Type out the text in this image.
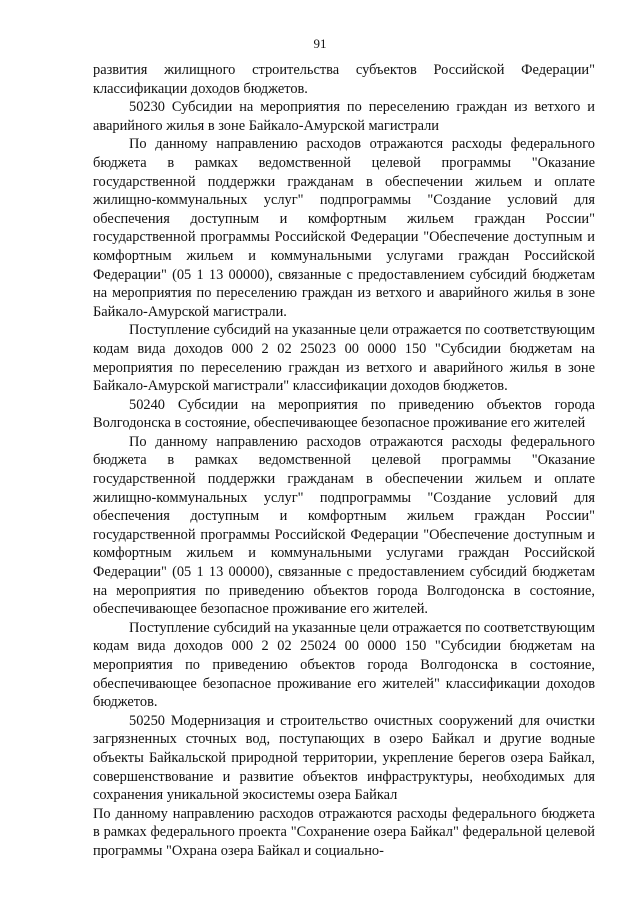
91

развития жилищного строительства субъектов Российской Федерации" классификации доходов бюджетов.

50230 Субсидии на мероприятия по переселению граждан из ветхого и аварийного жилья в зоне Байкало-Амурской магистрали

По данному направлению расходов отражаются расходы федерального бюджета в рамках ведомственной целевой программы "Оказание государственной поддержки гражданам в обеспечении жильем и оплате жилищно-коммунальных услуг" подпрограммы "Создание условий для обеспечения доступным и комфортным жильем граждан России" государственной программы Российской Федерации "Обеспечение доступным и комфортным жильем и коммунальными услугами граждан Российской Федерации" (05 1 13 00000), связанные с предоставлением субсидий бюджетам на мероприятия по переселению граждан из ветхого и аварийного жилья в зоне Байкало-Амурской магистрали.

Поступление субсидий на указанные цели отражается по соответствующим кодам вида доходов 000 2 02 25023 00 0000 150 "Субсидии бюджетам на мероприятия по переселению граждан из ветхого и аварийного жилья в зоне Байкало-Амурской магистрали" классификации доходов бюджетов.

50240 Субсидии на мероприятия по приведению объектов города Волгодонска в состояние, обеспечивающее безопасное проживание его жителей

По данному направлению расходов отражаются расходы федерального бюджета в рамках ведомственной целевой программы "Оказание государственной поддержки гражданам в обеспечении жильем и оплате жилищно-коммунальных услуг" подпрограммы "Создание условий для обеспечения доступным и комфортным жильем граждан России" государственной программы Российской Федерации "Обеспечение доступным и комфортным жильем и коммунальными услугами граждан Российской Федерации" (05 1 13 00000), связанные с предоставлением субсидий бюджетам на мероприятия по приведению объектов города Волгодонска в состояние, обеспечивающее безопасное проживание его жителей.

Поступление субсидий на указанные цели отражается по соответствующим кодам вида доходов 000 2 02 25024 00 0000 150 "Субсидии бюджетам на мероприятия по приведению объектов города Волгодонска в состояние, обеспечивающее безопасное проживание его жителей" классификации доходов бюджетов.

50250 Модернизация и строительство очистных сооружений для очистки загрязненных сточных вод, поступающих в озеро Байкал и другие водные объекты Байкальской природной территории, укрепление берегов озера Байкал, совершенствование и развитие объектов инфраструктуры, необходимых для сохранения уникальной экосистемы озера Байкал

По данному направлению расходов отражаются расходы федерального бюджета в рамках федерального проекта "Сохранение озера Байкал" федеральной целевой программы "Охрана озера Байкал и социально-
